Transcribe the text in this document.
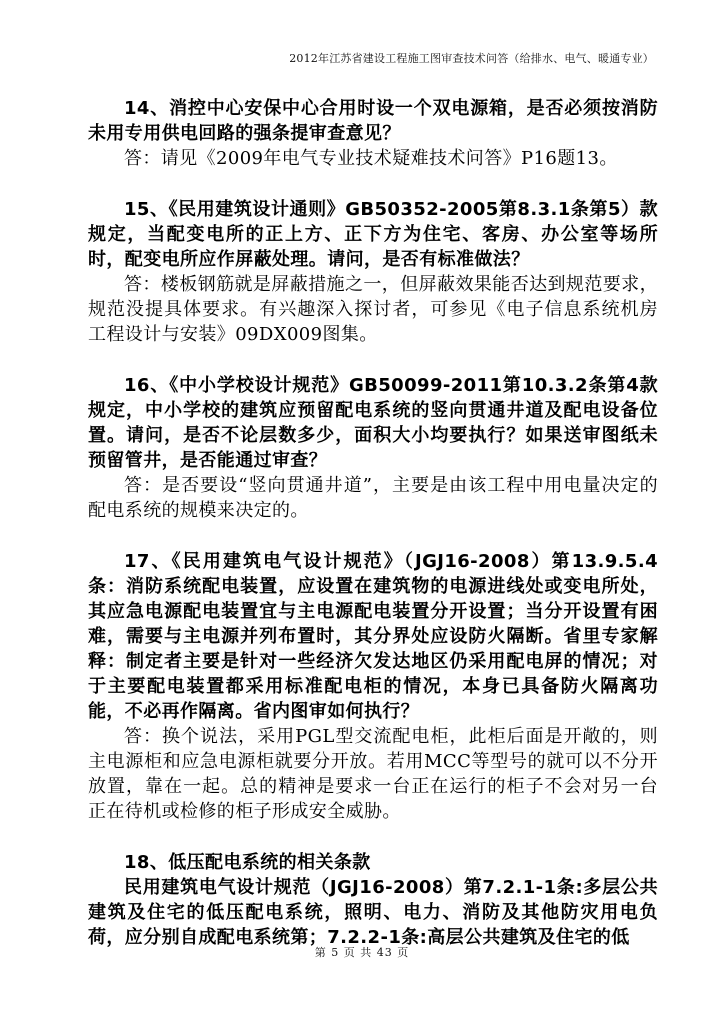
2012年江苏省建设工程施工图审查技术问答（给排水、电气、暖通专业）

14、消控中心安保中心合用时设一个双电源箱，是否必须按消防未用专用供电回路的强条提审查意见？

答：请见《2009年电气专业技术疑难技术问答》P16题13。

15、《民用建筑设计通则》GB50352-2005第8.3.1条第5）款规定，当配变电所的正上方、正下方为住宅、客房、办公室等场所时，配变电所应作屏蔽处理。请问，是否有标准做法？

答：楼板钢筋就是屏蔽措施之一，但屏蔽效果能否达到规范要求，规范没提具体要求。有兴趣深入探讨者，可参见《电子信息系统机房工程设计与安装》09DX009图集。

16、《中小学校设计规范》GB50099-2011第10.3.2条第4款规定，中小学校的建筑应预留配电系统的竖向贯通井道及配电设备位置。请问，是否不论层数多少，面积大小均要执行？如果送审图纸未预留管井，是否能通过审查？

答：是否要设“竖向贯通井道”，主要是由该工程中用电量决定的配电系统的规模来决定的。

17、《民用建筑电气设计规范》（JGJ16-2008）第13.9.5.4条：消防系统配电装置，应设置在建筑物的电源进线处或变电所处，其应急电源配电装置宜与主电源配电装置分开设置；当分开设置有困难，需要与主电源并列布置时，其分界处应设防火隔断。省里专家解释：制定者主要是针对一些经济欠发达地区仍采用配电屏的情况；对于主要配电装置都采用标准配电柜的情况，本身已具备防火隔离功能，不必再作隔离。省内图审如何执行？

答：换个说法，采用PGL型交流配电柜，此柜后面是开敞的，则主电源柜和应急电源柜就要分开放。若用MCC等型号的就可以不分开放置，靠在一起。总的精神是要求一台正在运行的柜子不会对另一台正在待机或检修的柜子形成安全威胁。

18、低压配电系统的相关条款

民用建筑电气设计规范（JGJ16-2008）第7.2.1-1条:多层公共建筑及住宅的低压配电系统，照明、电力、消防及其他防灾用电负荷，应分别自成配电系统第；7.2.2-1条:高层公共建筑及住宅的低

第 5 页 共 43 页
